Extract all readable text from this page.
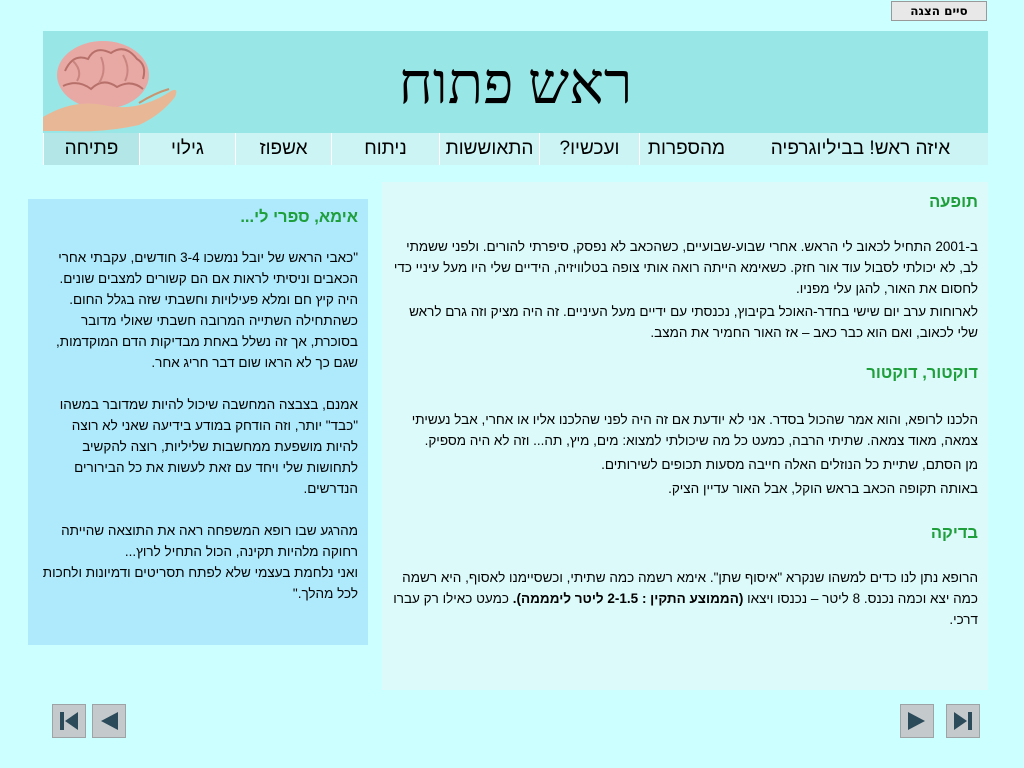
סיים הצגה
ראש פתוח
פתיחה	גילוי	אשפוז	ניתוח	התאוששות	ועכשיו?	מהספרות	איזה ראש! בביליוגרפיה

תופעה

ב-2001 התחיל לכאוב לי הראש. אחרי שבוע-שבועיים, כשהכאב לא נפסק, סיפרתי להורים. ולפני ששמתי לב, לא יכולתי לסבול עוד אור חזק. כשאימא הייתה רואה אותי צופה בטלוויזיה, הידיים שלי היו מעל עיניי כדי לחסום את האור, להגן עלי מפניו.

לארוחות ערב יום שישי בחדר-האוכל בקיבוץ, נכנסתי עם ידיים מעל העיניים. זה היה מציק וזה גרם לראש שלי לכאוב, ואם הוא כבר כאב – אז האור החמיר את המצב.

דוקטור, דוקטור

הלכנו לרופא, והוא אמר שהכול בסדר. אני לא יודעת אם זה היה לפני שהלכנו אליו או אחרי, אבל נעשיתי צמאה, מאוד צמאה. שתיתי הרבה, כמעט כל מה שיכולתי למצוא: מים, מיץ, תה... וזה לא היה מספיק.

מן הסתם, שתיית כל הנוזלים האלה חייבה מסעות תכופים לשירותים.

באותה תקופה הכאב בראש הוקל, אבל האור עדיין הציק.

בדיקה

הרופא נתן לנו כדים למשהו שנקרא "איסוף שתן". אימא רשמה כמה שתיתי, וכשסיימנו לאסוף, היא רשמה כמה יצא וכמה נכנס. 8 ליטר – נכנסו ויצאו (הממוצע התקין : 2-1.5 ליטר לימממה). כמעט כאילו רק עברו דרכי.

אימא, ספרי לי...

"כאבי הראש של יובל נמשכו 3-4 חודשים, עקבתי אחרי הכאבים וניסיתי לראות אם הם קשורים למצבים שונים. היה קיץ חם ומלא פעילויות וחשבתי שזה בגלל החום. כשהתחילה השתייה המרובה חשבתי שאולי מדובר בסוכרת, אך זה נשלל באחת מבדיקות הדם המוקדמות, שגם כך לא הראו שום דבר חריג אחר.

אמנם, בצבצה המחשבה שיכול להיות שמדובר במשהו "כבד" יותר, וזה הודחק במודע בידיעה שאני לא רוצה להיות מושפעת ממחשבות שליליות, רוצה להקשיב לתחושות שלי ויחד עם זאת לעשות את כל הבירורים הנדרשים.

מהרגע שבו רופא המשפחה ראה את התוצאה שהייתה רחוקה מלהיות תקינה, הכול התחיל לרוץ...

ואני נלחמת בעצמי שלא לפתח תסריטים ודמיונות ולחכות לכל מהלך."
